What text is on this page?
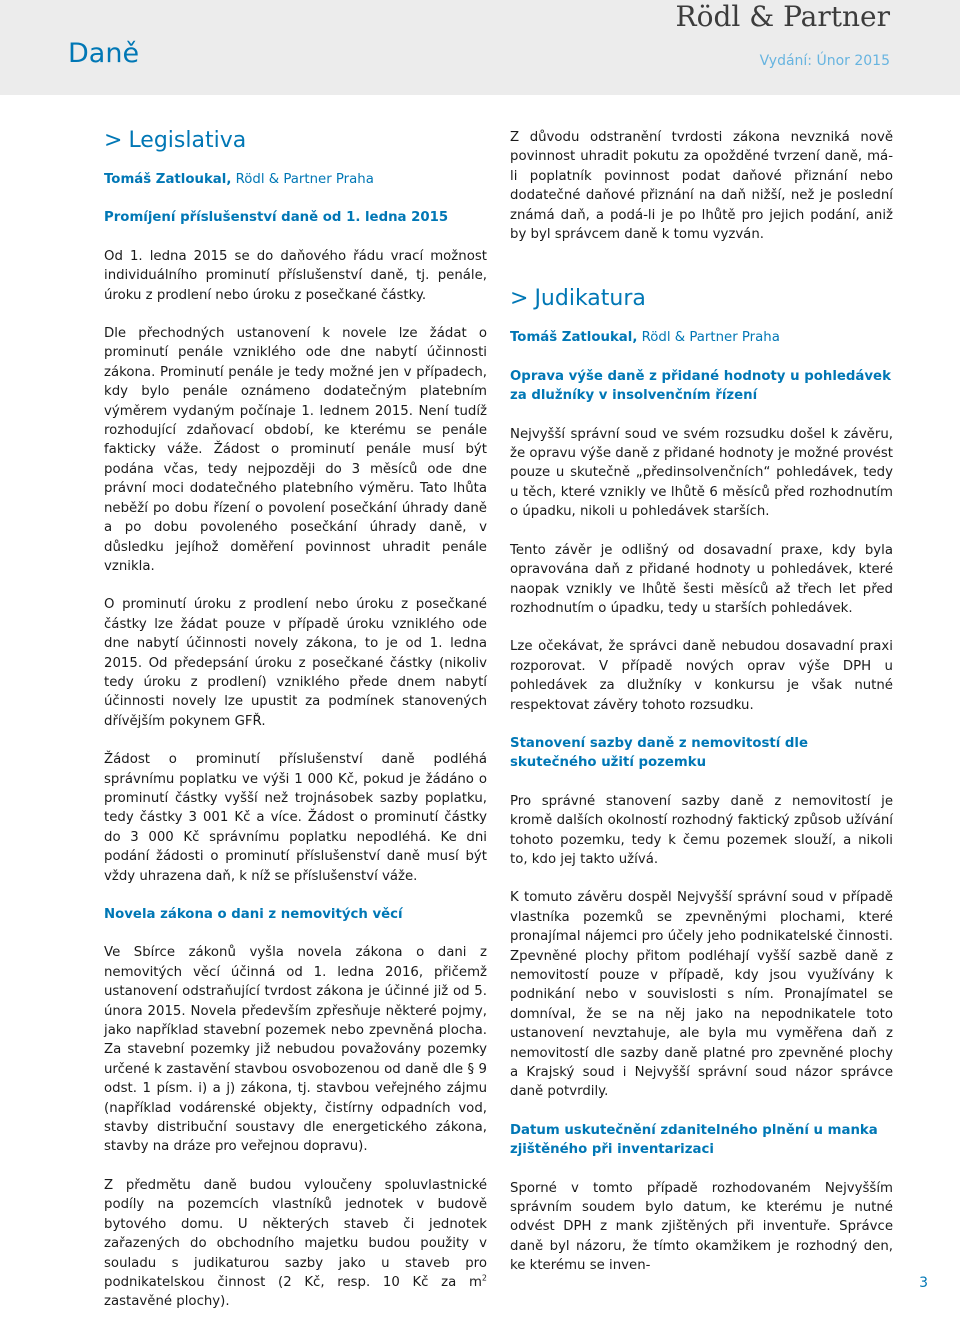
Rödl & Partner
Daně	Vydání: Únor 2015
> Legislativa

Tomáš Zatloukal, Rödl & Partner Praha

Promíjení příslušenství daně od 1. ledna 2015

Od 1. ledna 2015 se do daňového řádu vrací možnost individuálního prominutí příslušenství daně, tj. penále, úroku z prodlení nebo úroku z posečkané částky.

Dle přechodných ustanovení k novele lze žádat o prominutí penále vzniklého ode dne nabytí účinnosti zákona. Prominutí penále je tedy možné jen v případech, kdy bylo penále oznámeno dodatečným platebním výměrem vydaným počínaje 1. lednem 2015. Není tudíž rozhodující zdaňovací období, ke kterému se penále fakticky váže. Žádost o prominutí penále musí být podána včas, tedy nejpozději do 3 měsíců ode dne právní moci dodatečného platebního výměru. Tato lhůta neběží po dobu řízení o povolení posečkání úhrady daně a po dobu povoleného posečkání úhrady daně, v důsledku jejíhož doměření povinnost uhradit penále vznikla.

O prominutí úroku z prodlení nebo úroku z posečkané částky lze žádat pouze v případě úroku vzniklého ode dne nabytí účinnosti novely zákona, to je od 1. ledna 2015. Od předepsání úroku z posečkané částky (nikoliv tedy úroku z prodlení) vzniklého přede dnem nabytí účinnosti novely lze upustit za podmínek stanovených dřívějším pokynem GFŘ.

Žádost o prominutí příslušenství daně podléhá správnímu poplatku ve výši 1 000 Kč, pokud je žádáno o prominutí částky vyšší než trojnásobek sazby poplatku, tedy částky 3 001 Kč a více. Žádost o prominutí částky do 3 000 Kč správnímu poplatku nepodléhá. Ke dni podání žádosti o prominutí příslušenství daně musí být vždy uhrazena daň, k níž se příslušenství váže.

Novela zákona o dani z nemovitých věcí

Ve Sbírce zákonů vyšla novela zákona o dani z nemovitých věcí účinná od 1. ledna 2016, přičemž ustanovení odstraňující tvrdost zákona je účinné již od 5. února 2015. Novela především zpřesňuje některé pojmy, jako například stavební pozemek nebo zpevněná plocha. Za stavební pozemky již nebudou považovány pozemky určené k zastavění stavbou osvobozenou od daně dle § 9 odst. 1 písm. i) a j) zákona, tj. stavbou veřejného zájmu (například vodárenské objekty, čistírny odpadních vod, stavby distribuční soustavy dle energetického zákona, stavby na dráze pro veřejnou dopravu).

Z předmětu daně budou vyloučeny spoluvlastnické podíly na pozemcích vlastníků jednotek v budově bytového domu. U některých staveb či jednotek zařazených do obchodního majetku budou použity v souladu s judikaturou sazby jako u staveb pro podnikatelskou činnost (2 Kč, resp. 10 Kč za $m^2$ zastavěné plochy).

Z důvodu odstranění tvrdosti zákona nevzniká nově povinnost uhradit pokutu za opožděné tvrzení daně, má-li poplatník povinnost podat daňové přiznání nebo dodatečné daňové přiznání na daň nižší, než je poslední známá daň, a podá-li je po lhůtě pro jejich podání, aniž by byl správcem daně k tomu vyzván.

> Judikatura

Tomáš Zatloukal, Rödl & Partner Praha

Oprava výše daně z přidané hodnoty u pohledávek za dlužníky v insolvenčním řízení

Nejvyšší správní soud ve svém rozsudku došel k závěru, že opravu výše daně z přidané hodnoty je možné provést pouze u skutečně „předinsolvenčních“ pohledávek, tedy u těch, které vznikly ve lhůtě 6 měsíců před rozhodnutím o úpadku, nikoli u pohledávek starších.

Tento závěr je odlišný od dosavadní praxe, kdy byla opravována daň z přidané hodnoty u pohledávek, které naopak vznikly ve lhůtě šesti měsíců až třech let před rozhodnutím o úpadku, tedy u starších pohledávek.

Lze očekávat, že správci daně nebudou dosavadní praxi rozporovat. V případě nových oprav výše DPH u pohledávek za dlužníky v konkursu je však nutné respektovat závěry tohoto rozsudku.

Stanovení sazby daně z nemovitostí dle skutečného užití pozemku

Pro správné stanovení sazby daně z nemovitostí je kromě dalších okolností rozhodný faktický způsob užívání tohoto pozemku, tedy k čemu pozemek slouží, a nikoli to, kdo jej takto užívá.

K tomuto závěru dospěl Nejvyšší správní soud v případě vlastníka pozemků se zpevněnými plochami, které pronajímal nájemci pro účely jeho podnikatelské činnosti. Zpevněné plochy přitom podléhají vyšší sazbě daně z nemovitostí pouze v případě, kdy jsou využívány k podnikání nebo v souvislosti s ním. Pronajímatel se domníval, že se na něj jako na nepodnikatele toto ustanovení nevztahuje, ale byla mu vyměřena daň z nemovitostí dle sazby daně platné pro zpevněné plochy a Krajský soud i Nejvyšší správní soud názor správce daně potvrdily.

Datum uskutečnění zdanitelného plnění u manka zjištěného při inventarizaci

Sporné v tomto případě rozhodovaném Nejvyšším správním soudem bylo datum, ke kterému je nutné odvést DPH z mank zjištěných při inventuře. Správce daně byl názoru, že tímto okamžikem je rozhodný den, ke kterému se inven-

3
